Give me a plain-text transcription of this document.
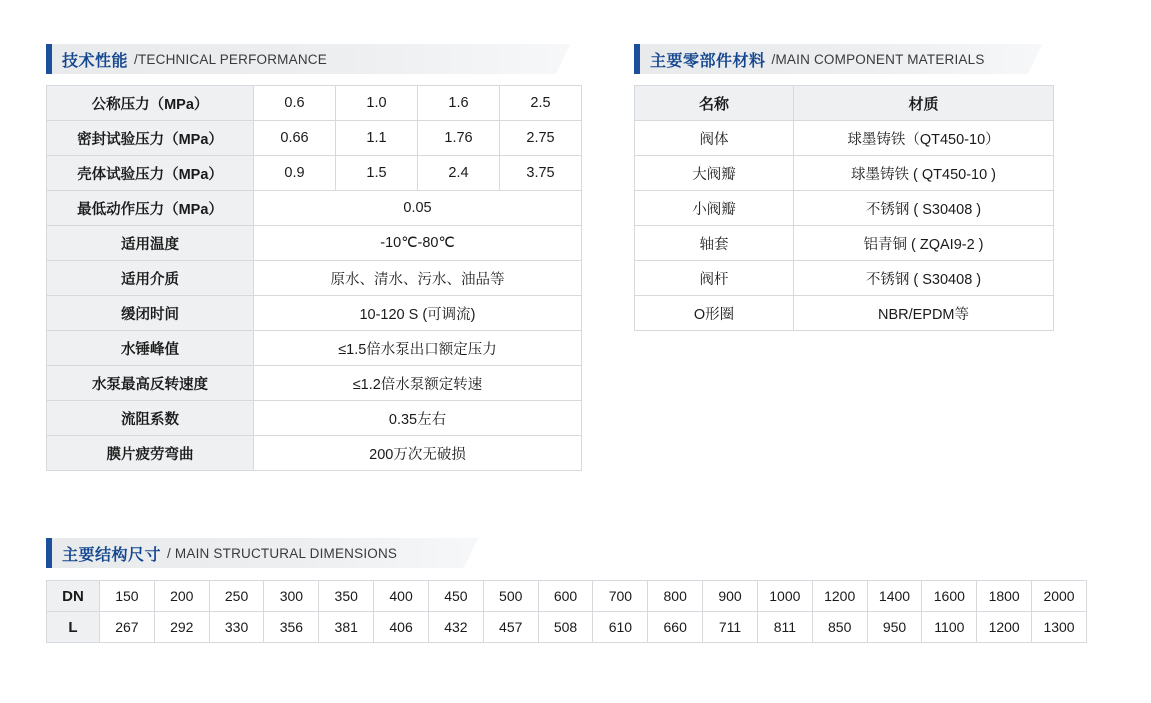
技术性能 /TECHNICAL PERFORMANCE
公称压力（MPa）	0.6	1.0	1.6	2.5
密封试验压力（MPa）	0.66	1.1	1.76	2.75
壳体试验压力（MPa）	0.9	1.5	2.4	3.75
最低动作压力（MPa）	0.05			
适用温度	-10℃-80℃			
适用介质	原水、清水、污水、油品等			
缓闭时间	10-120 S (可调流)			
水锤峰值	≤1.5倍水泵出口额定压力			
水泵最高反转速度	≤1.2倍水泵额定转速			
流阻系数	0.35左右			
膜片疲劳弯曲	200万次无破损			
主要零部件材料 /MAIN COMPONENT MATERIALS
名称	材质
阀体	球墨铸铁（QT450-10）
大阀瓣	球墨铸铁 ( QT450-10 )
小阀瓣	不锈钢 ( S30408 )
轴套	铝青铜 ( ZQAI9-2 )
阀杆	不锈钢 ( S30408 )
O形圈	NBR/EPDM等
主要结构尺寸 / MAIN STRUCTURAL DIMENSIONS
DN	150	200	250	300	350	400	450	500	600	700	800	900	1000	1200	1400	1600	1800	2000
L	267	292	330	356	381	406	432	457	508	610	660	711	811	850	950	1100	1200	1300
